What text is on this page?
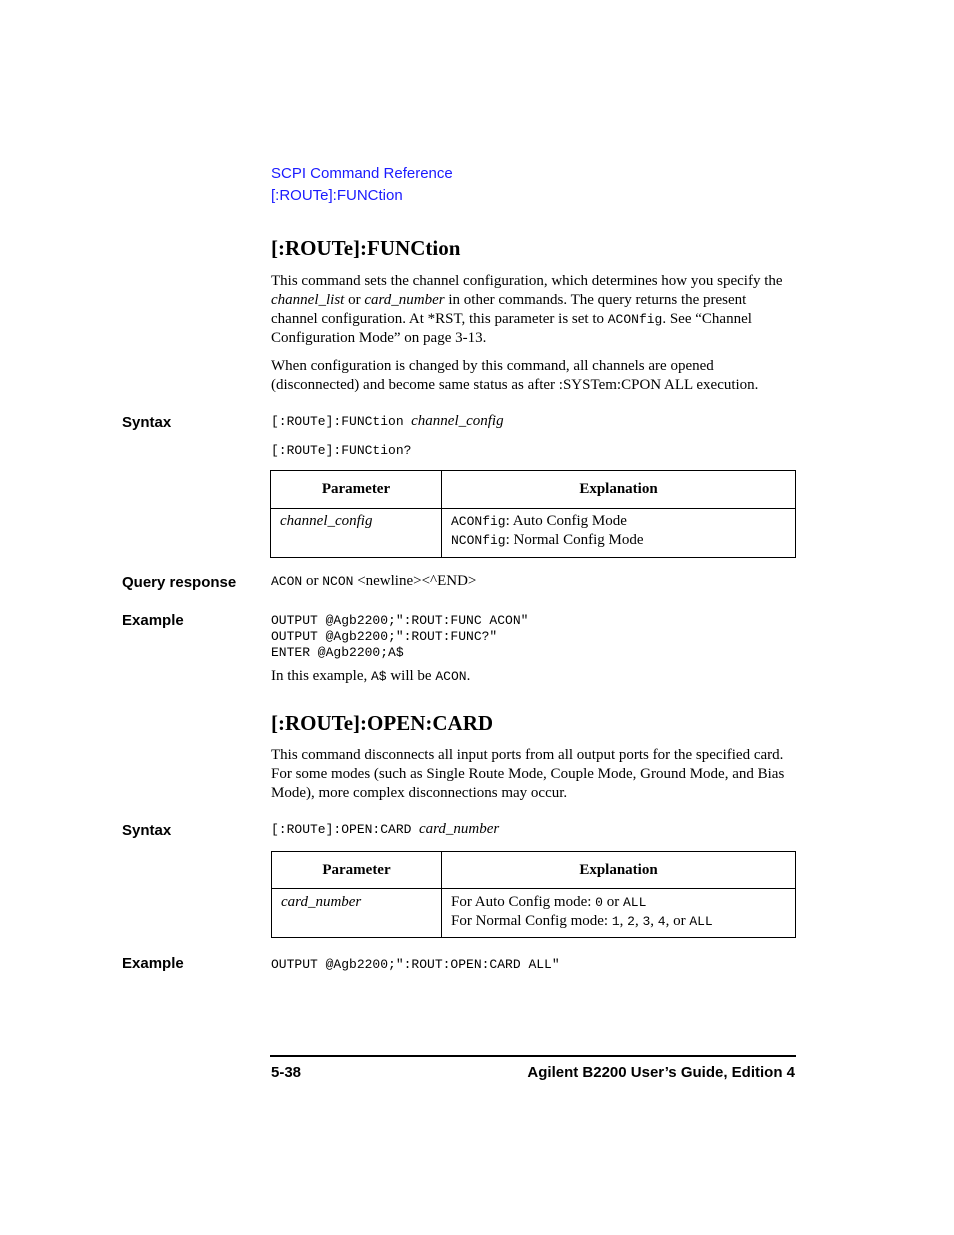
SCPI Command Reference
[:ROUTe]:FUNCtion
[:ROUTe]:FUNCtion

This command sets the channel configuration, which determines how you specify the channel_list or card_number in other commands. The query returns the present channel configuration. At *RST, this parameter is set to ACONfig. See “Channel Configuration Mode” on page 3-13.

When configuration is changed by this command, all channels are opened (disconnected) and become same status as after :SYSTem:CPON ALL execution.
Syntax	[:ROUTe]:FUNCtion channel_config
[:ROUTe]:FUNCtion?
Parameter	Explanation

channel_config	ACONfig: Auto Config Mode
NCONfig: Normal Config Mode
Query response	ACON or NCON <newline><^END>
Example	OUTPUT @Agb2200;":ROUT:FUNC ACON"
OUTPUT @Agb2200;":ROUT:FUNC?"
ENTER @Agb2200;A$
In this example, A$ will be ACON.
[:ROUTe]:OPEN:CARD
This command disconnects all input ports from all output ports for the specified card. For some modes (such as Single Route Mode, Couple Mode, Ground Mode, and Bias Mode), more complex disconnections may occur.
Syntax	[:ROUTe]:OPEN:CARD card_number
Parameter	Explanation

card_number	For Auto Config mode: 0 or ALL
For Normal Config mode: 1, 2, 3, 4, or ALL
Example	OUTPUT @Agb2200;":ROUT:OPEN:CARD ALL"
5-38	Agilent B2200 User’s Guide, Edition 4
